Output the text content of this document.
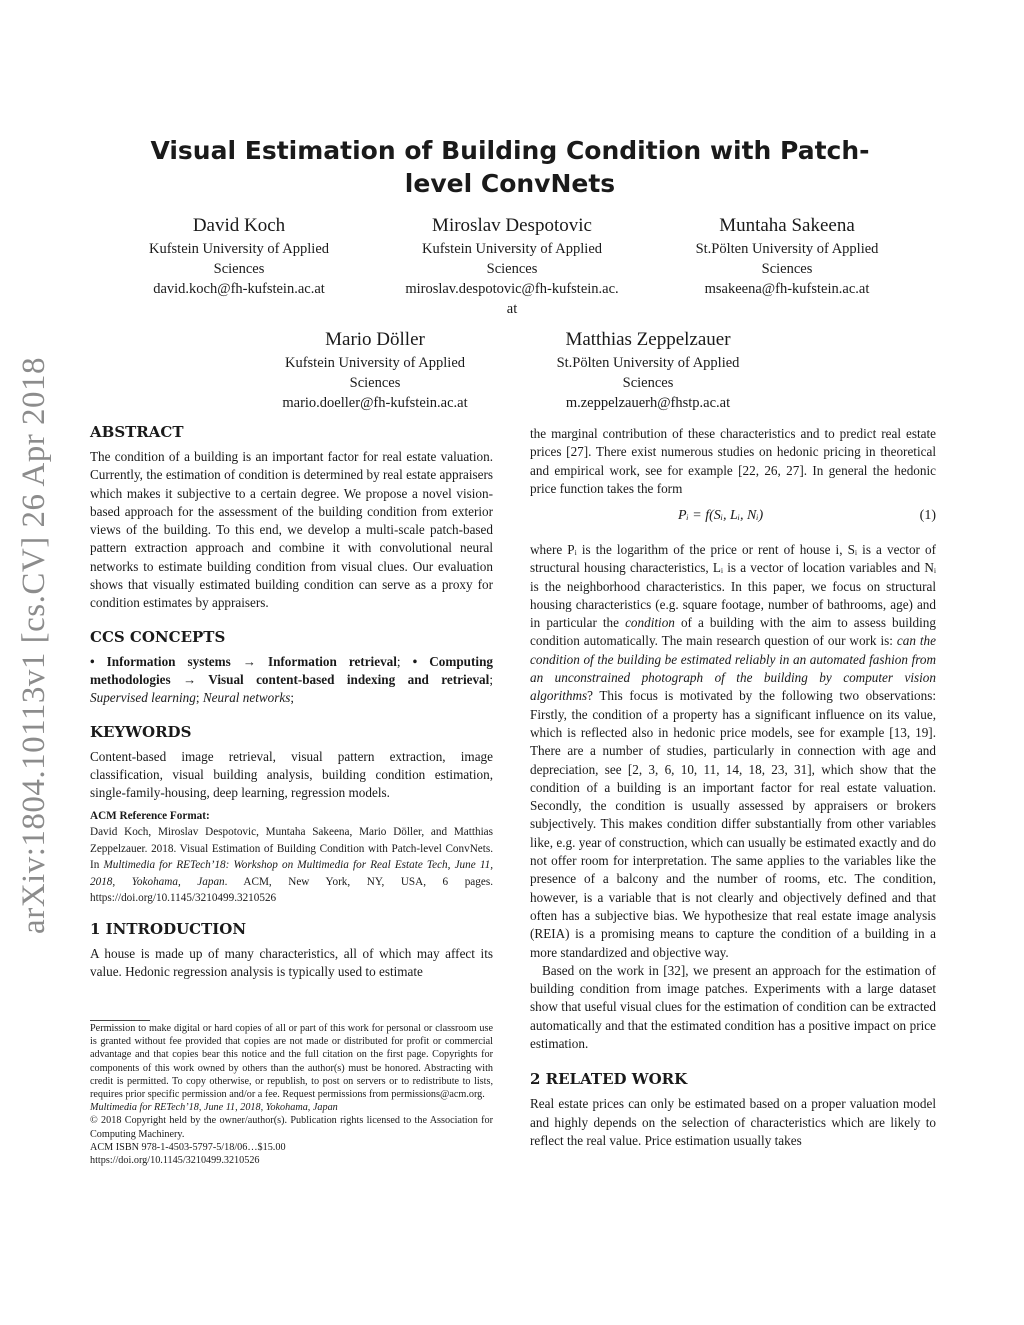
arXiv:1804.10113v1 [cs.CV] 26 Apr 2018
Visual Estimation of Building Condition with Patch-level ConvNets
David Koch
Kufstein University of Applied
Sciences
david.koch@fh-kufstein.ac.at
Miroslav Despotovic
Kufstein University of Applied
Sciences
miroslav.despotovic@fh-kufstein.ac.
at
Muntaha Sakeena
St.Pölten University of Applied
Sciences
msakeena@fh-kufstein.ac.at
Mario Döller
Kufstein University of Applied
Sciences
mario.doeller@fh-kufstein.ac.at
Matthias Zeppelzauer
St.Pölten University of Applied
Sciences
m.zeppelzauerh@fhstp.ac.at
ABSTRACT

The condition of a building is an important factor for real estate valuation. Currently, the estimation of condition is determined by real estate appraisers which makes it subjective to a certain degree. We propose a novel vision-based approach for the assessment of the building condition from exterior views of the building. To this end, we develop a multi-scale patch-based pattern extraction approach and combine it with convolutional neural networks to estimate building condition from visual clues. Our evaluation shows that visually estimated building condition can serve as a proxy for condition estimates by appraisers.

CCS CONCEPTS

• Information systems → Information retrieval; • Computing methodologies → Visual content-based indexing and retrieval; Supervised learning; Neural networks;

KEYWORDS

Content-based image retrieval, visual pattern extraction, image classification, visual building analysis, building condition estimation, single-family-housing, deep learning, regression models.

ACM Reference Format:

David Koch, Miroslav Despotovic, Muntaha Sakeena, Mario Döller, and Matthias Zeppelzauer. 2018. Visual Estimation of Building Condition with Patch-level ConvNets. In Multimedia for RETech’18: Workshop on Multimedia for Real Estate Tech, June 11, 2018, Yokohama, Japan. ACM, New York, NY, USA, 6 pages. https://doi.org/10.1145/3210499.3210526

1 INTRODUCTION

A house is made up of many characteristics, all of which may affect its value. Hedonic regression analysis is typically used to estimate

Permission to make digital or hard copies of all or part of this work for personal or classroom use is granted without fee provided that copies are not made or distributed for profit or commercial advantage and that copies bear this notice and the full citation on the first page. Copyrights for components of this work owned by others than the author(s) must be honored. Abstracting with credit is permitted. To copy otherwise, or republish, to post on servers or to redistribute to lists, requires prior specific permission and/or a fee. Request permissions from permissions@acm.org.

Multimedia for RETech’18, June 11, 2018, Yokohama, Japan

© 2018 Copyright held by the owner/author(s). Publication rights licensed to the Association for Computing Machinery.

ACM ISBN 978-1-4503-5797-5/18/06…$15.00

https://doi.org/10.1145/3210499.3210526

the marginal contribution of these characteristics and to predict real estate prices [27]. There exist numerous studies on hedonic pricing in theoretical and empirical work, see for example [22, 26, 27]. In general the hedonic price function takes the form

Pᵢ = f(Sᵢ, Lᵢ, Nᵢ)	(1)

where Pᵢ is the logarithm of the price or rent of house i, Sᵢ is a vector of structural housing characteristics, Lᵢ is a vector of location variables and Nᵢ is the neighborhood characteristics. In this paper, we focus on structural housing characteristics (e.g. square footage, number of bathrooms, age) and in particular the condition of a building with the aim to assess building condition automatically. The main research question of our work is: can the condition of the building be estimated reliably in an automated fashion from an unconstrained photograph of the building by computer vision algorithms? This focus is motivated by the following two observations: Firstly, the condition of a property has a significant influence on its value, which is reflected also in hedonic price models, see for example [13, 19]. There are a number of studies, particularly in connection with age and depreciation, see [2, 3, 6, 10, 11, 14, 18, 23, 31], which show that the condition of a building is an important factor for real estate valuation. Secondly, the condition is usually assessed by appraisers or brokers subjectively. This makes condition differ substantially from other variables like, e.g. year of construction, which can usually be estimated exactly and do not offer room for interpretation. The same applies to the variables like the presence of a balcony and the number of rooms, etc. The condition, however, is a variable that is not clearly and objectively defined and that often has a subjective bias. We hypothesize that real estate image analysis (REIA) is a promising means to capture the condition of a building in a more standardized and objective way.

Based on the work in [32], we present an approach for the estimation of building condition from image patches. Experiments with a large dataset show that useful visual clues for the estimation of condition can be extracted automatically and that the estimated condition has a positive impact on price estimation.

2 RELATED WORK

Real estate prices can only be estimated based on a proper valuation model and highly depends on the selection of characteristics which are likely to reflect the real value. Price estimation usually takes
